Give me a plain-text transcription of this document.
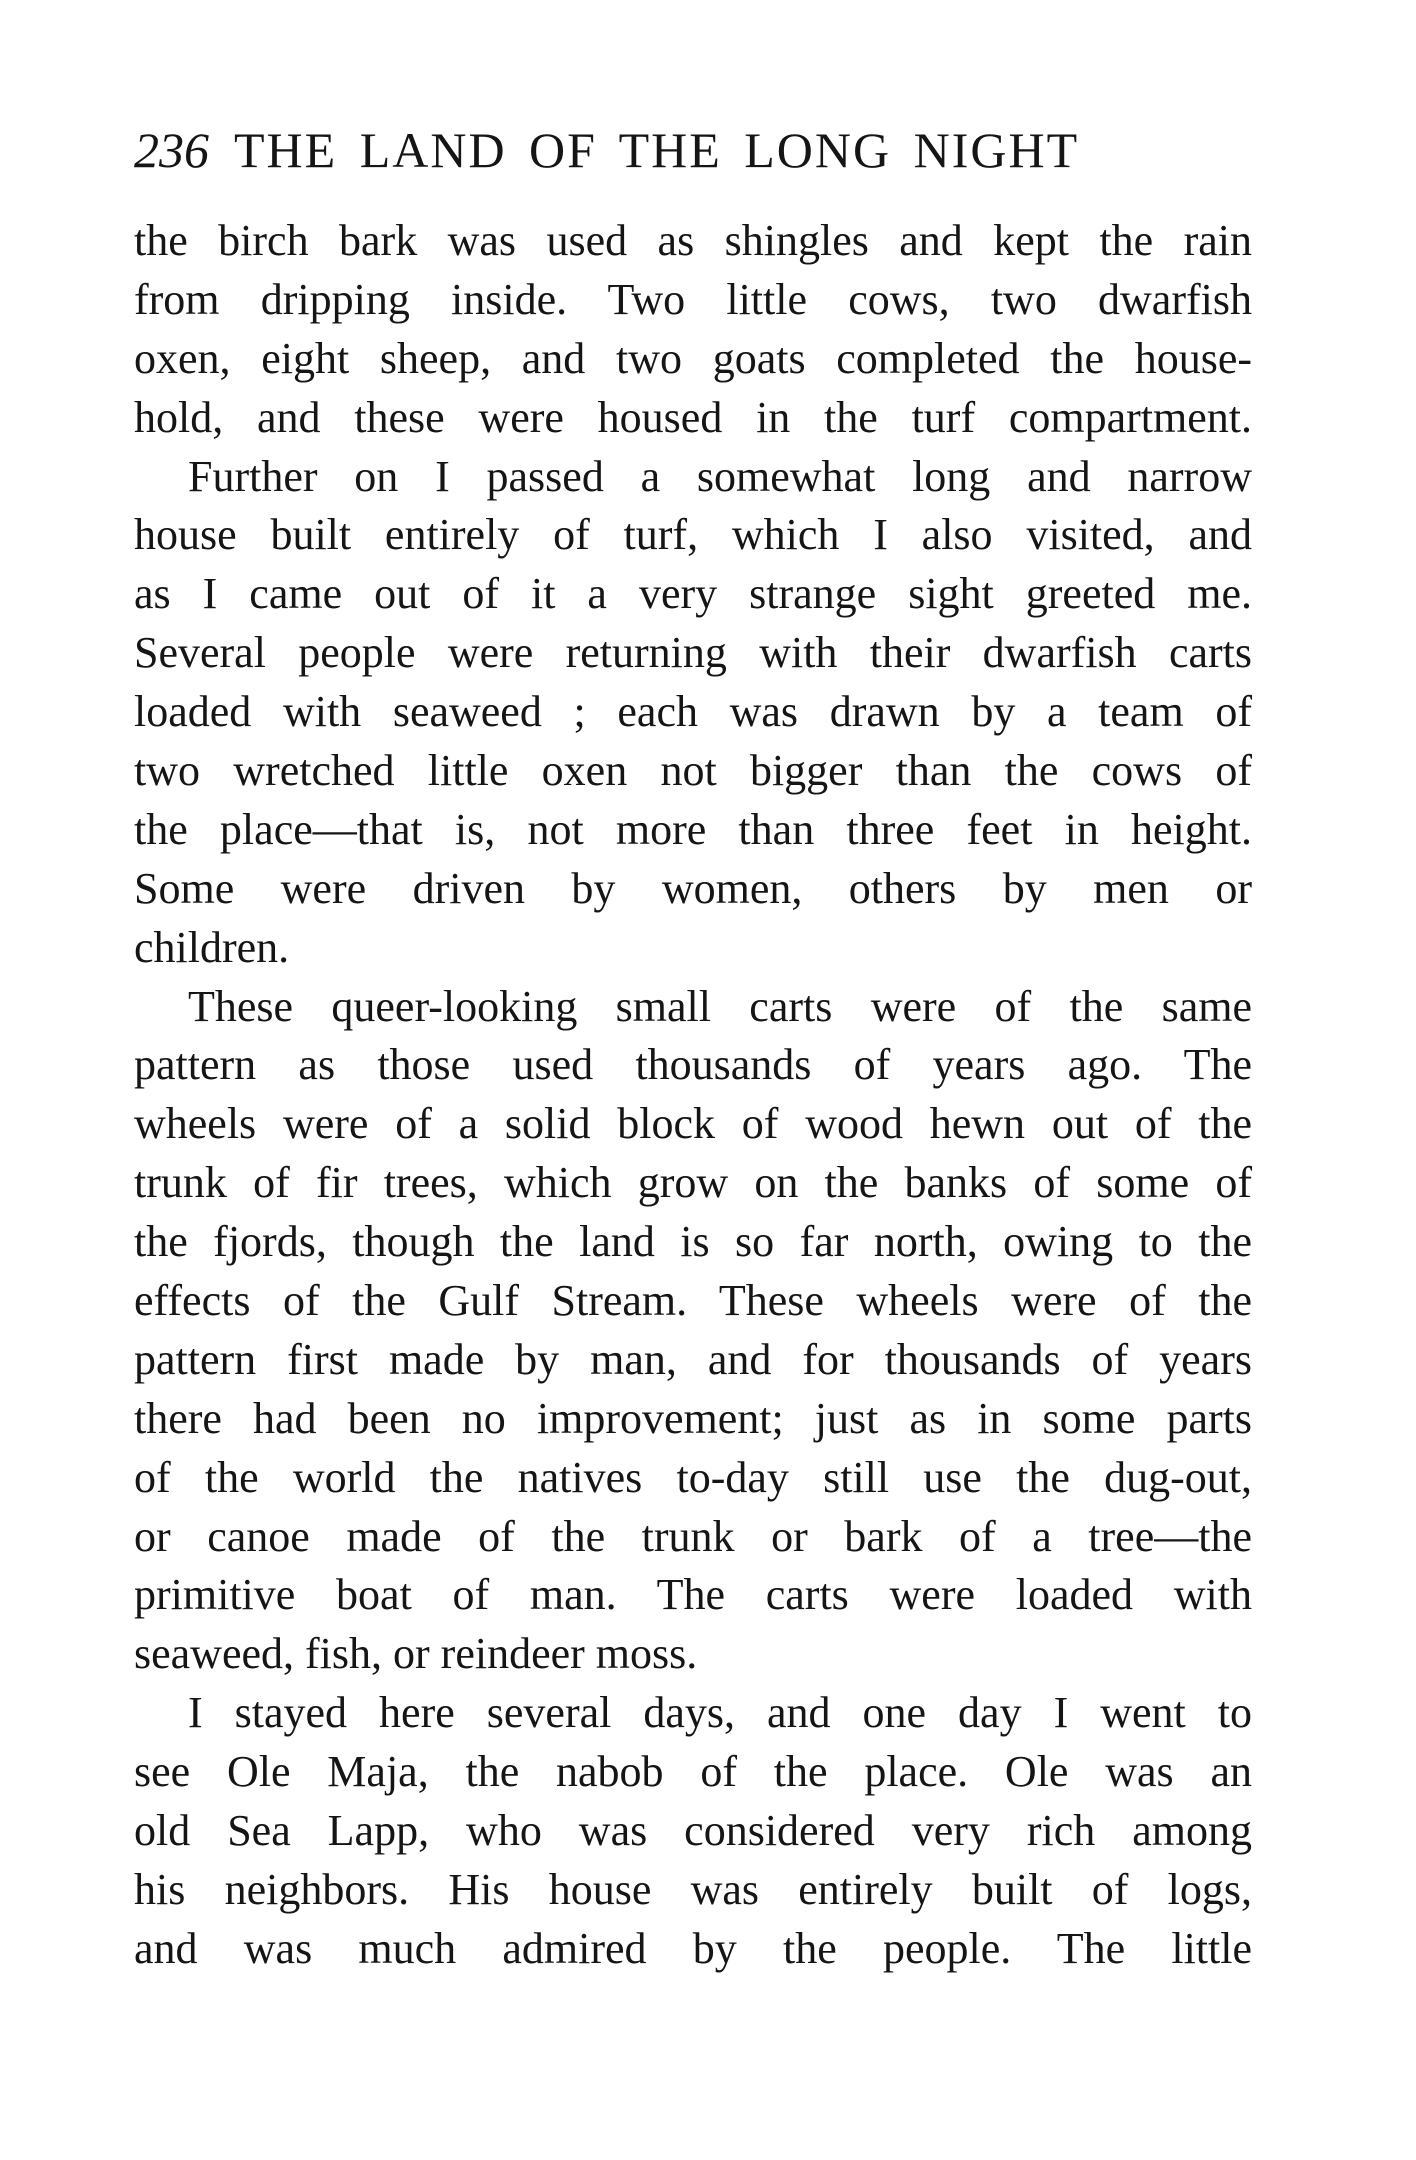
236 THE LAND OF THE LONG NIGHT
the birch bark was used as shingles and kept the rain
from dripping inside. Two little cows, two dwarfish
oxen, eight sheep, and two goats completed the house-
hold, and these were housed in the turf compartment.
Further on I passed a somewhat long and narrow
house built entirely of turf, which I also visited, and
as I came out of it a very strange sight greeted me.
Several people were returning with their dwarfish carts
loaded with seaweed ; each was drawn by a team of
two wretched little oxen not bigger than the cows of
the place—that is, not more than three feet in height.
Some were driven by women, others by men or
children.
These queer-looking small carts were of the same
pattern as those used thousands of years ago. The
wheels were of a solid block of wood hewn out of the
trunk of fir trees, which grow on the banks of some of
the fjords, though the land is so far north, owing to the
effects of the Gulf Stream. These wheels were of the
pattern first made by man, and for thousands of years
there had been no improvement; just as in some parts
of the world the natives to-day still use the dug-out,
or canoe made of the trunk or bark of a tree—the
primitive boat of man. The carts were loaded with
seaweed, fish, or reindeer moss.
I stayed here several days, and one day I went to
see Ole Maja, the nabob of the place. Ole was an
old Sea Lapp, who was considered very rich among
his neighbors. His house was entirely built of logs,
and was much admired by the people. The little
